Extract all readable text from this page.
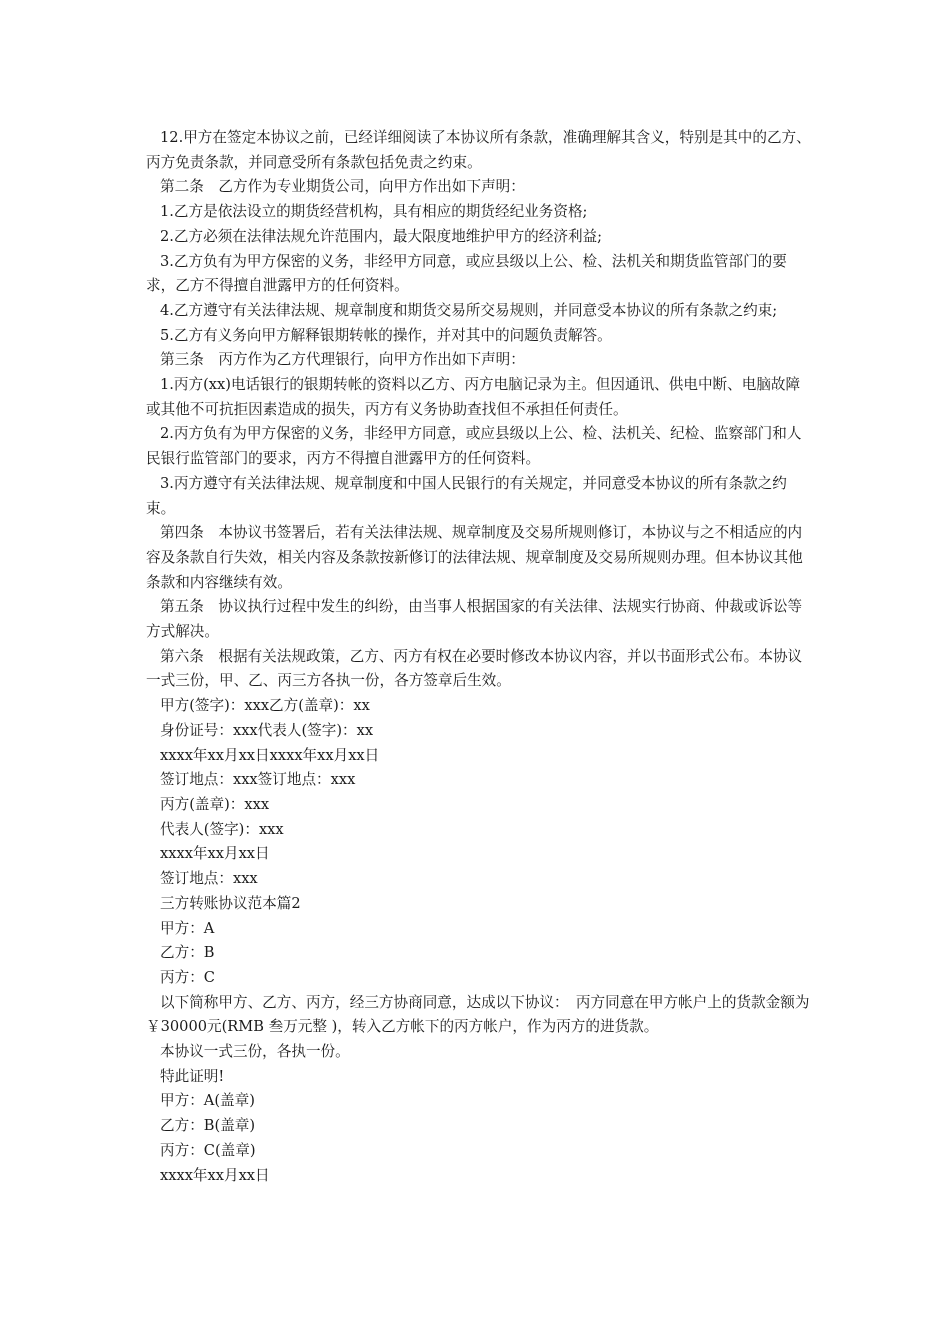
12.甲方在签定本协议之前，已经详细阅读了本协议所有条款，准确理解其含义，特别是其中的乙方、丙方免责条款，并同意受所有条款包括免责之约束。

第二条　乙方作为专业期货公司，向甲方作出如下声明：

1.乙方是依法设立的期货经营机构，具有相应的期货经纪业务资格;

2.乙方必须在法律法规允许范围内，最大限度地维护甲方的经济利益;

3.乙方负有为甲方保密的义务，非经甲方同意，或应县级以上公、检、法机关和期货监管部门的要求，乙方不得擅自泄露甲方的任何资料。

4.乙方遵守有关法律法规、规章制度和期货交易所交易规则，并同意受本协议的所有条款之约束;

5.乙方有义务向甲方解释银期转帐的操作，并对其中的问题负责解答。

第三条　丙方作为乙方代理银行，向甲方作出如下声明：

1.丙方(xx)电话银行的银期转帐的资料以乙方、丙方电脑记录为主。但因通讯、供电中断、电脑故障或其他不可抗拒因素造成的损失，丙方有义务协助查找但不承担任何责任。

2.丙方负有为甲方保密的义务，非经甲方同意，或应县级以上公、检、法机关、纪检、监察部门和人民银行监管部门的要求，丙方不得擅自泄露甲方的任何资料。

3.丙方遵守有关法律法规、规章制度和中国人民银行的有关规定，并同意受本协议的所有条款之约束。

第四条　本协议书签署后，若有关法律法规、规章制度及交易所规则修订，本协议与之不相适应的内容及条款自行失效，相关内容及条款按新修订的法律法规、规章制度及交易所规则办理。但本协议其他条款和内容继续有效。

第五条　协议执行过程中发生的纠纷，由当事人根据国家的有关法律、法规实行协商、仲裁或诉讼等方式解决。

第六条　根据有关法规政策，乙方、丙方有权在必要时修改本协议内容，并以书面形式公布。本协议一式三份，甲、乙、丙三方各执一份，各方签章后生效。

甲方(签字)：xxx乙方(盖章)：xx

身份证号：xxx代表人(签字)：xx

xxxx年xx月xx日xxxx年xx月xx日

签订地点：xxx签订地点：xxx

丙方(盖章)：xxx

代表人(签字)：xxx

xxxx年xx月xx日

签订地点：xxx

三方转账协议范本篇2

甲方：A

乙方：B

丙方：C

以下简称甲方、乙方、丙方，经三方协商同意，达成以下协议：　丙方同意在甲方帐户上的货款金额为￥30000元(RMB 叁万元整 )，转入乙方帐下的丙方帐户，作为丙方的进货款。

本协议一式三份，各执一份。

特此证明!

甲方：A(盖章)

乙方：B(盖章)

丙方：C(盖章)

xxxx年xx月xx日
